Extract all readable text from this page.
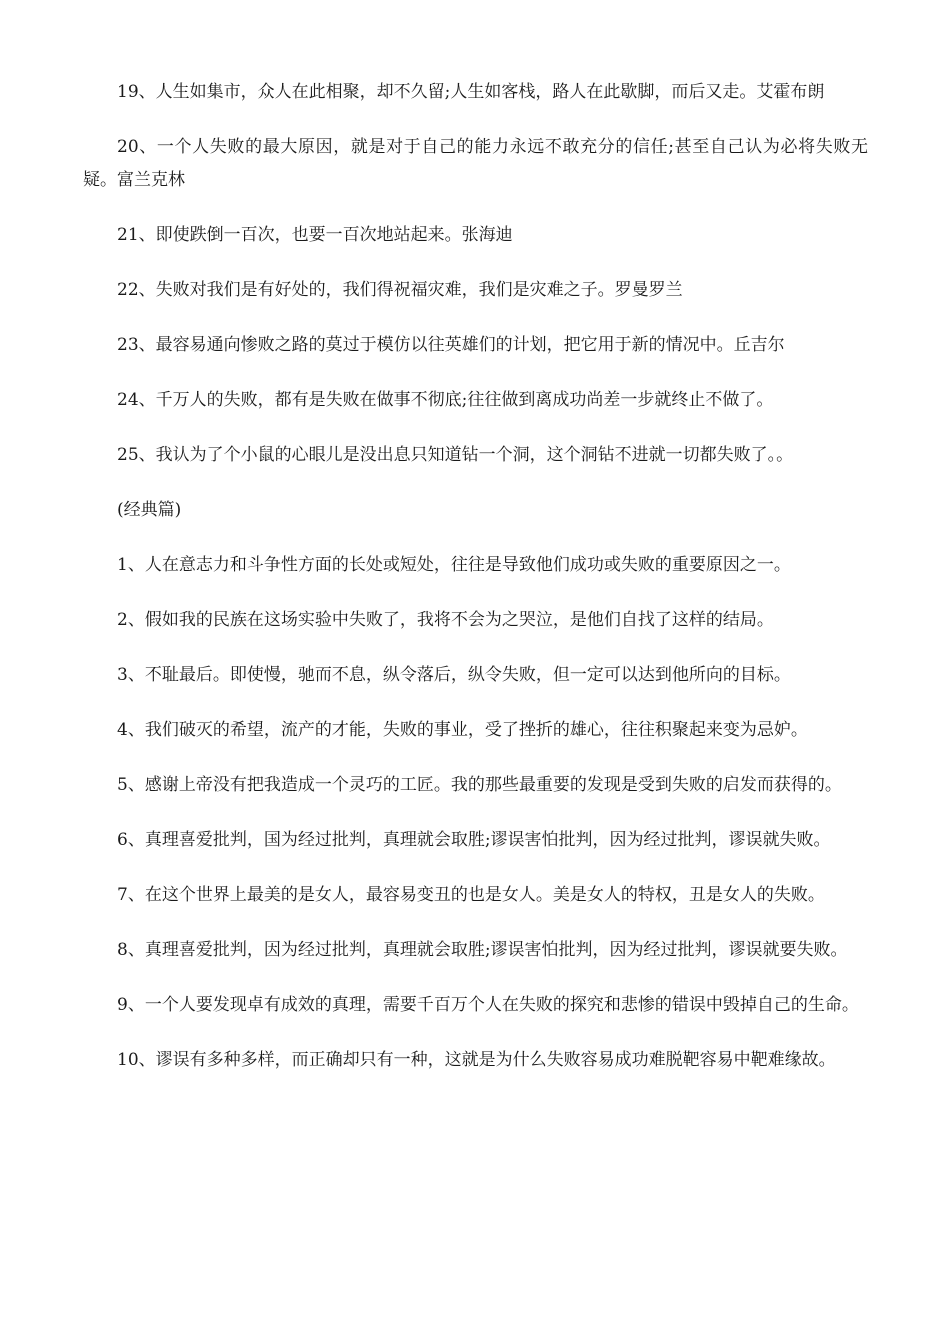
19、人生如集市，众人在此相聚，却不久留;人生如客栈，路人在此歇脚，而后又走。艾霍布朗

20、一个人失败的最大原因，就是对于自己的能力永远不敢充分的信任;甚至自己认为必将失败无疑。富兰克林

21、即使跌倒一百次，也要一百次地站起来。张海迪

22、失败对我们是有好处的，我们得祝福灾难，我们是灾难之子。罗曼罗兰

23、最容易通向惨败之路的莫过于模仿以往英雄们的计划，把它用于新的情况中。丘吉尔

24、千万人的失败，都有是失败在做事不彻底;往往做到离成功尚差一步就终止不做了。

25、我认为了个小鼠的心眼儿是没出息只知道钻一个洞，这个洞钻不进就一切都失败了。。

(经典篇)

1、人在意志力和斗争性方面的长处或短处，往往是导致他们成功或失败的重要原因之一。

2、假如我的民族在这场实验中失败了，我将不会为之哭泣，是他们自找了这样的结局。

3、不耻最后。即使慢，驰而不息，纵令落后，纵令失败，但一定可以达到他所向的目标。

4、我们破灭的希望，流产的才能，失败的事业，受了挫折的雄心，往往积聚起来变为忌妒。

5、感谢上帝没有把我造成一个灵巧的工匠。我的那些最重要的发现是受到失败的启发而获得的。

6、真理喜爱批判，国为经过批判，真理就会取胜;谬误害怕批判，因为经过批判，谬误就失败。

7、在这个世界上最美的是女人，最容易变丑的也是女人。美是女人的特权，丑是女人的失败。

8、真理喜爱批判，因为经过批判，真理就会取胜;谬误害怕批判，因为经过批判，谬误就要失败。

9、一个人要发现卓有成效的真理，需要千百万个人在失败的探究和悲惨的错误中毁掉自己的生命。

10、谬误有多种多样，而正确却只有一种，这就是为什么失败容易成功难脱靶容易中靶难缘故。
